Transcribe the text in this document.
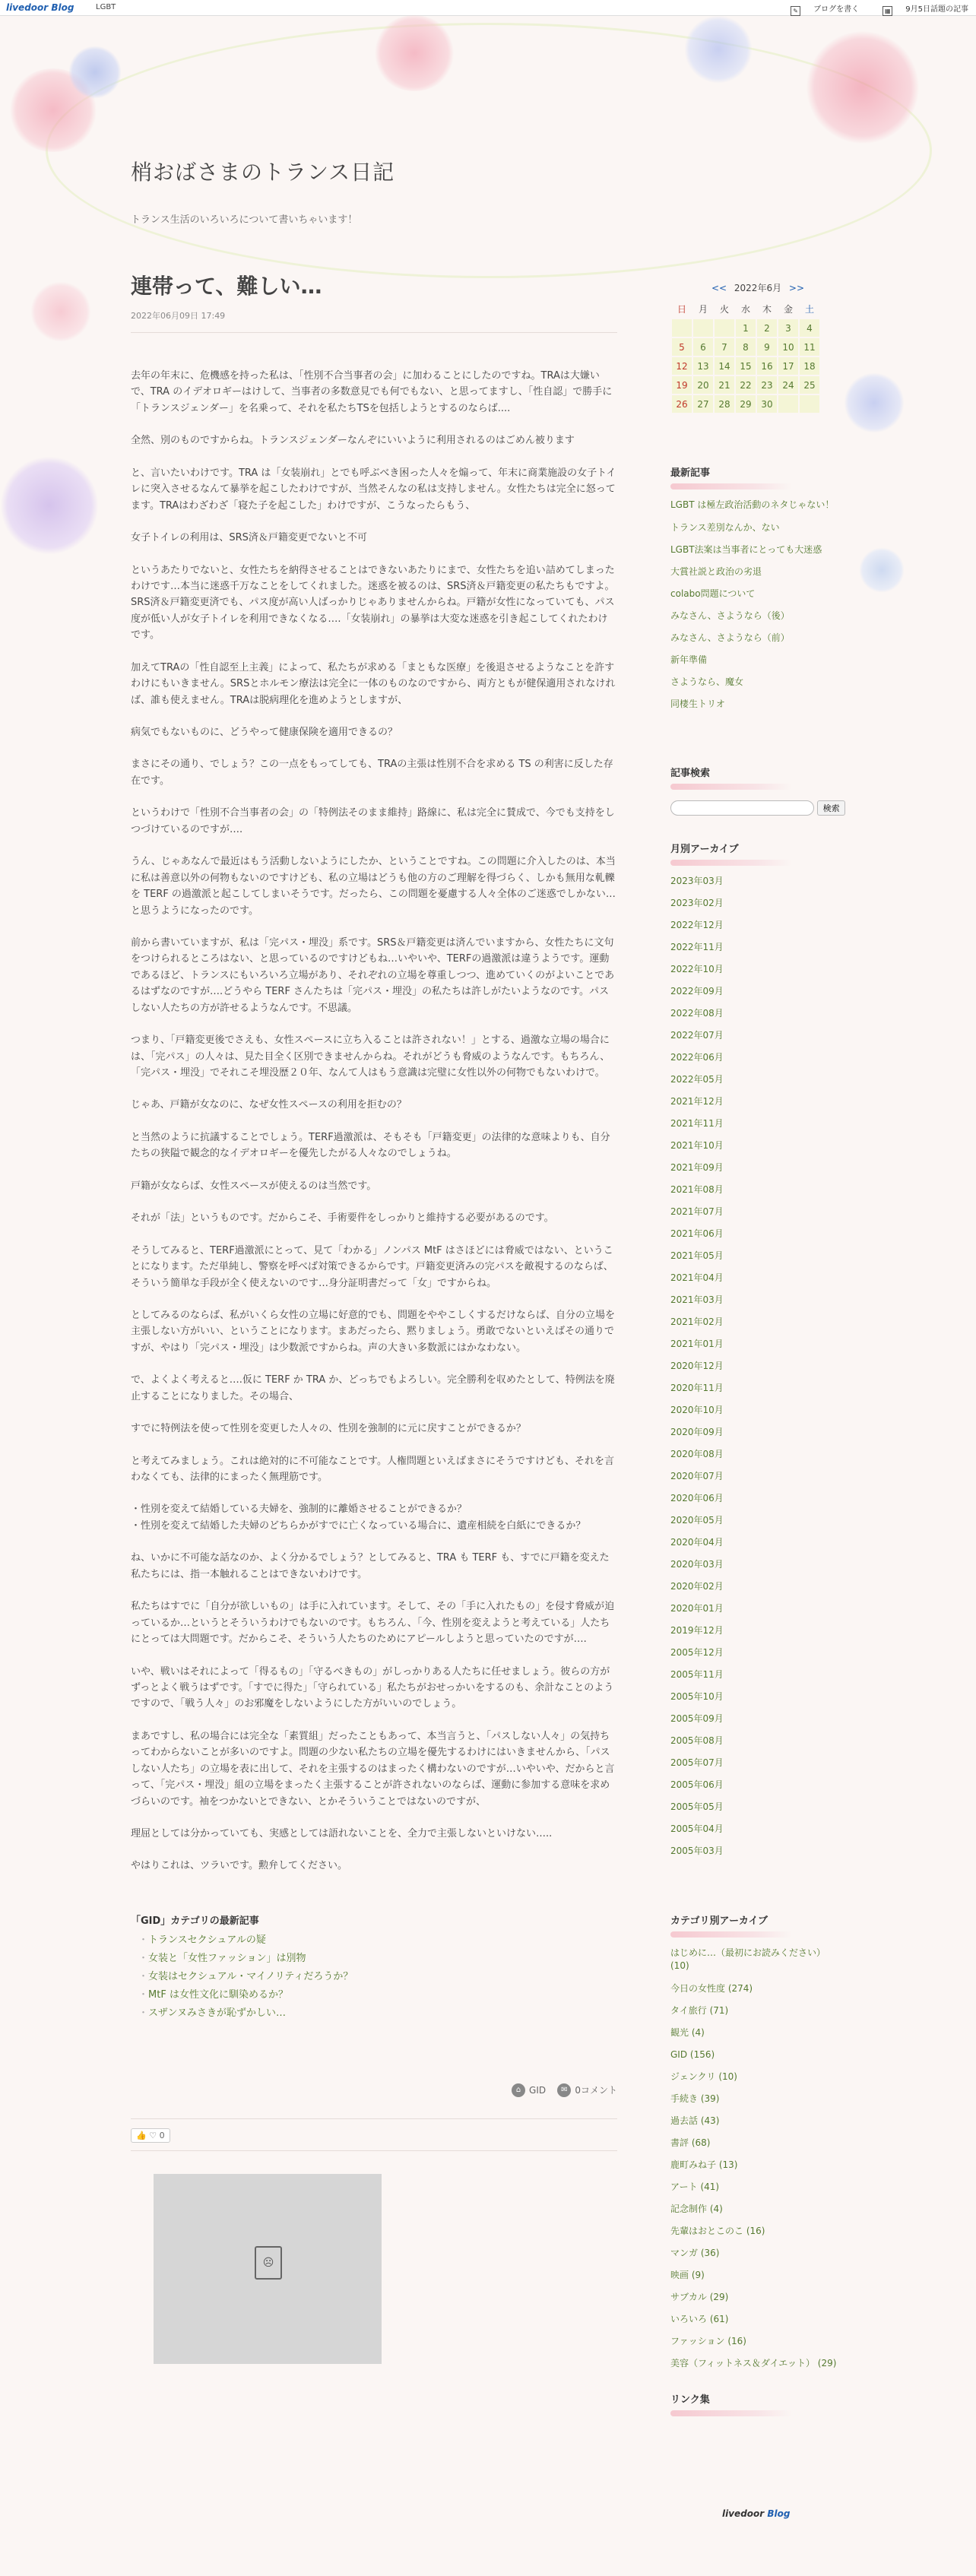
livedoor Blog	LGBT	✎ ブログを書く	▦ 9月5日話題の記事
梢おばさまのトランス日記
トランス生活のいろいろについて書いちゃいます！
連帯って、難しい…
2022年06月09日 17:49

去年の年末に、危機感を持った私は、「性別不合当事者の会」に加わることにしたのですね。TRAは大嫌いで、TRA のイデオロギーはけして、当事者の多数意見でも何でもない、と思ってますし、「性自認」で勝手に「トランスジェンダー」を名乗って、それを私たちTSを包括しようとするのならば....

全然、別のものですからね。トランスジェンダーなんぞにいいように利用されるのはごめん被ります

と、言いたいわけです。TRA は「女装崩れ」とでも呼ぶべき困った人々を煽って、年末に商業施設の女子トイレに突入させるなんて暴挙を起こしたわけですが、当然そんなの私は支持しません。女性たちは完全に怒ってます。TRAはわざわざ「寝た子を起こした」わけですが、こうなったらもう、

女子トイレの利用は、SRS済＆戸籍変更でないと不可

というあたりでないと、女性たちを納得させることはできないあたりにまで、女性たちを追い詰めてしまったわけです…本当に迷惑千万なことをしてくれました。迷惑を被るのは、SRS済＆戸籍変更の私たちもですよ。SRS済＆戸籍変更済でも、パス度が高い人ばっかりじゃありませんからね。戸籍が女性になっていても、パス度が低い人が女子トイレを利用できなくなる….「女装崩れ」の暴挙は大変な迷惑を引き起こしてくれたわけです。

加えてTRAの「性自認至上主義」によって、私たちが求める「まともな医療」を後退させるようなことを許すわけにもいきません。SRSとホルモン療法は完全に一体のものなのですから、両方ともが健保適用されなければ、誰も使えません。TRAは脱病理化を進めようとしますが、

病気でもないものに、どうやって健康保険を適用できるの？

まさにその通り、でしょう？この一点をもってしても、TRAの主張は性別不合を求める TS の利害に反した存在です。

というわけで「性別不合当事者の会」の「特例法そのまま維持」路線に、私は完全に賛成で、今でも支持をしつづけているのですが….

うん、じゃあなんで最近はもう活動しないようにしたか、ということですね。この問題に介入したのは、本当に私は善意以外の何物もないのですけども、私の立場はどうも他の方のご理解を得づらく、しかも無用な軋轢を TERF の過激派と起こしてしまいそうです。だったら、この問題を憂慮する人々全体のご迷惑でしかない…と思うようになったのです。

前から書いていますが、私は「完パス・埋没」系です。SRS＆戸籍変更は済んでいますから、女性たちに文句をつけられるところはない、と思っているのですけどもね…いやいや、TERFの過激派は違うようです。運動であるほど、トランスにもいろいろ立場があり、それぞれの立場を尊重しつつ、進めていくのがよいことであるはずなのですが….どうやら TERF さんたちは「完パス・埋没」の私たちは許しがたいようなのです。パスしない人たちの方が許せるようなんです。不思議。

つまり、「戸籍変更後でさえも、女性スペースに立ち入ることは許されない！」とする、過激な立場の場合には、「完パス」の人々は、見た目全く区別できませんからね。それがどうも脅威のようなんです。もちろん、「完パス・埋没」でそれこそ埋没歴２０年、なんて人はもう意識は完璧に女性以外の何物でもないわけで。

じゃあ、戸籍が女なのに、なぜ女性スペースの利用を拒むの？

と当然のように抗議することでしょう。TERF過激派は、そもそも「戸籍変更」の法律的な意味よりも、自分たちの狭隘で観念的なイデオロギーを優先したがる人々なのでしょうね。

戸籍が女ならば、女性スペースが使えるのは当然です。

それが「法」というものです。だからこそ、手術要件をしっかりと維持する必要があるのです。

そうしてみると、TERF過激派にとって、見て「わかる」ノンパス MtF はさほどには脅威ではない、ということになります。ただ単純し、警察を呼べば対策できるからです。戸籍変更済みの完パスを敵視するのならば、そういう簡単な手段が全く使えないのです…身分証明書だって「女」ですからね。

としてみるのならば、私がいくら女性の立場に好意的でも、問題をややこしくするだけならば、自分の立場を主張しない方がいい、ということになります。まあだったら、黙りましょう。勇敢でないといえばその通りですが、やはり「完パス・埋没」は少数派ですからね。声の大きい多数派にはかなわない。

で、よくよく考えると….仮に TERF か TRA か、どっちでもよろしい。完全勝利を収めたとして、特例法を廃止することになりました。その場合、

すでに特例法を使って性別を変更した人々の、性別を強制的に元に戻すことができるか？

と考えてみましょう。これは絶対的に不可能なことです。人権問題といえばまさにそうですけども、それを言わなくても、法律的にまったく無理筋です。

・性別を変えて結婚している夫婦を、強制的に離婚させることができるか？
・性別を変えて結婚した夫婦のどちらかがすでに亡くなっている場合に、遺産相続を白紙にできるか？

ね、いかに不可能な話なのか、よく分かるでしょう？としてみると、TRA も TERF も、すでに戸籍を変えた私たちには、指一本触れることはできないわけです。

私たちはすでに「自分が欲しいもの」は手に入れています。そして、その「手に入れたもの」を侵す脅威が迫っているか…というとそういうわけでもないのです。もちろん、「今、性別を変えようと考えている」人たちにとっては大問題です。だからこそ、そういう人たちのためにアピールしようと思っていたのですが….

いや、戦いはそれによって「得るもの」「守るべきもの」がしっかりある人たちに任せましょう。彼らの方がずっとよく戦うはずです。「すでに得た」「守られている」私たちがおせっかいをするのも、余計なことのようですので、「戦う人々」のお邪魔をしないようにした方がいいのでしょう。

まあですし、私の場合には完全な「素質組」だったこともあって、本当言うと、「パスしない人々」の気持ちってわからないことが多いのですよ。問題の少ない私たちの立場を優先するわけにはいきませんから、「パスしない人たち」の立場を表に出して、それを主張するのはまったく構わないのですが…いやいや、だからと言って、「完パス・埋没」組の立場をまったく主張することが許されないのならば、運動に参加する意味を求めづらいのです。袖をつかないとできない、とかそういうことではないのですが、

理屈としては分かっていても、実感としては語れないことを、全力で主張しないといけない…..

やはりこれは、ツラいです。勲弁してください。

「GID」カテゴリの最新記事
・ トランスセクシュアルの疑
・ 女装と「女性ファッション」は別物
・ 女装はセクシュアル・マイノリティだろうか？
・ MtF は女性文化に馴染めるか？
・ スザンヌみさきが恥ずかしい…
⌂ GID ✉ 0コメント
👍 ♡ 0
☹
<< 2022年6月 >>
日	月	火	水	木	金	土
			1	2	3	4
5	6	7	8	9	10	11
12	13	14	15	16	17	18
19	20	21	22	23	24	25
26	27	28	29	30		
最新記事
LGBT は極左政治活動のネタじゃない！
トランス差別なんか、ない
LGBT法案は当事者にとっても大迷惑
大賞社説と政治の劣退
colabo問題について
みなさん、さようなら（後）
みなさん、さようなら（前）
新年準備
さようなら、魔女
同棲生トリオ
記事検索
検索
月別アーカイブ
2023年03月
2023年02月
2022年12月
2022年11月
2022年10月
2022年09月
2022年08月
2022年07月
2022年06月
2022年05月
2021年12月
2021年11月
2021年10月
2021年09月
2021年08月
2021年07月
2021年06月
2021年05月
2021年04月
2021年03月
2021年02月
2021年01月
2020年12月
2020年11月
2020年10月
2020年09月
2020年08月
2020年07月
2020年06月
2020年05月
2020年04月
2020年03月
2020年02月
2020年01月
2019年12月
2005年12月
2005年11月
2005年10月
2005年09月
2005年08月
2005年07月
2005年06月
2005年05月
2005年04月
2005年03月
カテゴリ別アーカイブ
はじめに…（最初にお読みください） (10)
今日の女性度 (274)
タイ旅行 (71)
観光 (4)
GID (156)
ジェンクリ (10)
手続き (39)
過去話 (43)
書評 (68)
鹿町みね子 (13)
アート (41)
記念制作 (4)
先輩はおとこのこ (16)
マンガ (36)
映画 (9)
サブカル (29)
いろいろ (61)
ファッション (16)
美容（フィットネス＆ダイエット） (29)
リンク集
livedoor Blog
